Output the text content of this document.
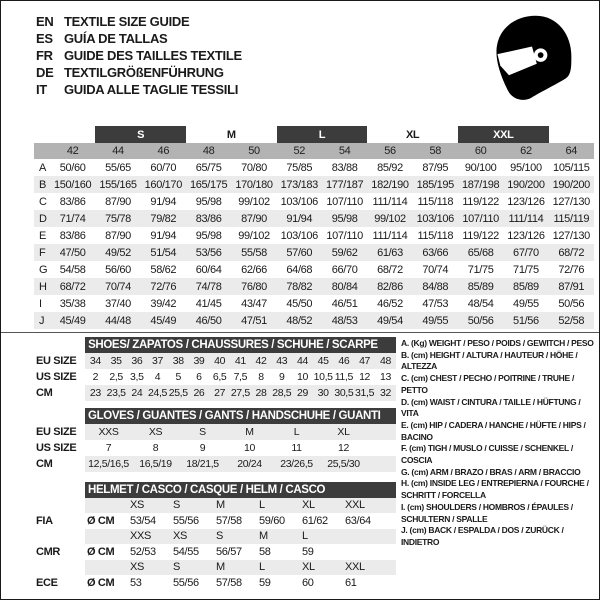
EN TEXTILE SIZE GUIDE
ES GUÍA DE TALLAS
FR GUIDE DES TAILLES TEXTILE
DE TEXTILGRÖßENFÜHRUNG
IT	GUIDA ALLE TAGLIE TESSILI
		S		M		L		XL		XXL		
	42	44	46	48	50	52	54	56	58	60	62	64
A	50/60	55/65	60/70	65/75	70/80	75/85	83/88	85/92	87/95	90/100	95/100	105/115
B	150/160	155/165	160/170	165/175	170/180	173/183	177/187	182/190	185/195	187/198	190/200	190/200
C	83/86	87/90	91/94	95/98	99/102	103/106	107/110	111/114	115/118	119/122	123/126	127/130
D	71/74	75/78	79/82	83/86	87/90	91/94	95/98	99/102	103/106	107/110	111/114	115/119
E	83/86	87/90	91/94	95/98	99/102	103/106	107/110	111/114	115/118	119/122	123/126	127/130
F	47/50	49/52	51/54	53/56	55/58	57/60	59/62	61/63	63/66	65/68	67/70	68/72
G	54/58	56/60	58/62	60/64	62/66	64/68	66/70	68/72	70/74	71/75	71/75	72/76
H	68/72	70/74	72/76	74/78	76/80	78/82	80/84	82/86	84/88	85/89	85/89	87/91
I	35/38	37/40	39/42	41/45	43/47	45/50	46/51	46/52	47/53	48/54	49/55	50/56
J	45/49	44/48	45/49	46/50	47/51	48/52	48/53	49/54	49/55	50/56	51/56	52/58
	SHOES/ ZAPATOS / CHAUSSURES / SCHUHE / SCARPE														
EU SIZE	34	35	36	37	38	39	40	41	42	43	44	45	46	47	48
US SIZE	2	2,5	3,5	4	5	6	6,5	7,5	8	9	10	10,5	11,5	12	13
CM	23	23,5	24	24,5	25,5	26	27	27,5	28	28,5	29	30	30,5	31,5	32
	GLOVES / GUANTES / GANTS / HANDSCHUHE / GUANTI						
EU SIZE	XXS	XS	S	M	L	XL	
US SIZE	7	8	9	10	11	12	
CM	12,5/16,5	16,5/19	18/21,5	20/24	23/26,5	25,5/30	
	HELMET / CASCO / CASQUE / HELM / CASCO							
		XS	S	M	L	XL	XXL	
FIA	Ø CM	53/54	55/56	57/58	59/60	61/62	63/64	
		XXS	XS	S	M	L		
CMR	Ø CM	52/53	54/55	56/57	58	59		
		XS	S	M	L	XL	XXL	
ECE	Ø CM	53	55/56	57/58	59	60	61	
A. (Kg) WEIGHT / PESO / POIDS / GEWITCH / PESO
B. (cm) HEIGHT / ALTURA / HAUTEUR / HÖHE / ALTEZZA
C. (cm) CHEST / PECHO / POITRINE / TRUHE / PETTO
D. (cm) WAIST / CINTURA / TAILLE / HÜFTUNG / VITA
E. (cm) HIP / CADERA / HANCHE / HÜFTE / HIPS / BACINO
F. (cm) TIGH / MUSLO / CUISSE / SCHENKEL / COSCIA
G. (cm) ARM / BRAZO / BRAS / ARM / BRACCIO
H. (cm) INSIDE LEG / ENTREPIERNA / FOURCHE / SCHRITT / FORCELLA
I. (cm) SHOULDERS / HOMBROS / ÉPAULES / SCHULTERN / SPALLE
J. (cm) BACK / ESPALDA / DOS / ZURÜCK / INDIETRO
